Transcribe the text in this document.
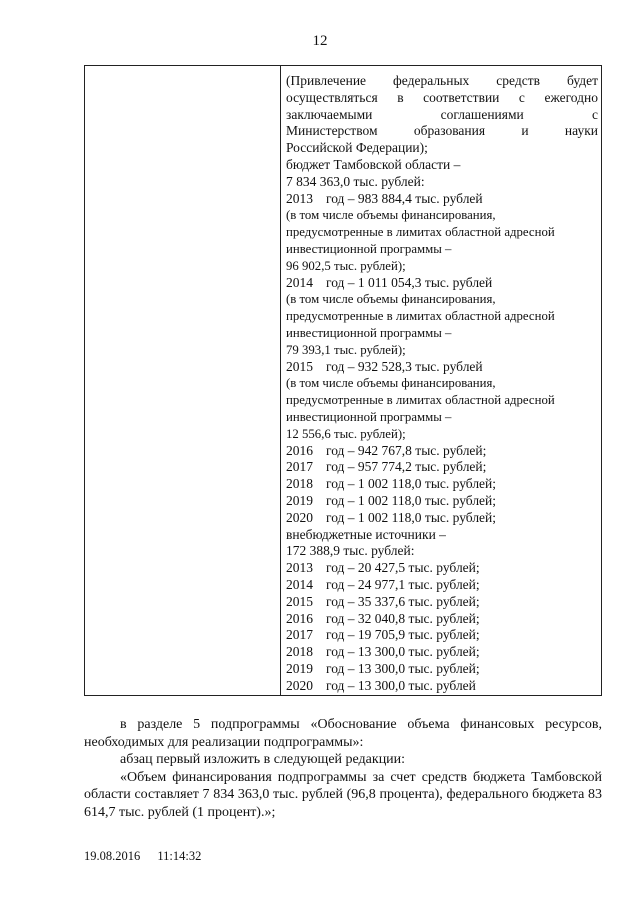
12
(Привлечение федеральных средств будет
осуществляться в соответствии с ежегодно
заключаемыми соглашениями с
Министерством образования и науки
Российской Федерации);
бюджет Тамбовской области –
7 834 363,0 тыс. рублей:
2013 год – 983 884,4 тыс. рублей
(в том числе объемы финансирования,
предусмотренные в лимитах областной адресной
инвестиционной программы –
96 902,5 тыс. рублей);
2014 год – 1 011 054,3 тыс. рублей
(в том числе объемы финансирования,
предусмотренные в лимитах областной адресной
инвестиционной программы –
79 393,1 тыс. рублей);
2015 год – 932 528,3 тыс. рублей
(в том числе объемы финансирования,
предусмотренные в лимитах областной адресной
инвестиционной программы –
12 556,6 тыс. рублей);
2016 год – 942 767,8 тыс. рублей;
2017 год – 957 774,2 тыс. рублей;
2018 год – 1 002 118,0 тыс. рублей;
2019 год – 1 002 118,0 тыс. рублей;
2020 год – 1 002 118,0 тыс. рублей;
внебюджетные источники –
172 388,9 тыс. рублей:
2013 год – 20 427,5 тыс. рублей;
2014 год – 24 977,1 тыс. рублей;
2015 год – 35 337,6 тыс. рублей;
2016 год – 32 040,8 тыс. рублей;
2017 год – 19 705,9 тыс. рублей;
2018 год – 13 300,0 тыс. рублей;
2019 год – 13 300,0 тыс. рублей;
2020 год – 13 300,0 тыс. рублей

в разделе 5 подпрограммы «Обоснование объема финансовых ресурсов, необходимых для реализации подпрограммы»:

абзац первый изложить в следующей редакции:

«Объем финансирования подпрограммы за счет средств бюджета Тамбовской области составляет 7 834 363,0 тыс. рублей (96,8 процента), федерального бюджета 83 614,7 тыс. рублей (1 процент).»;

19.08.2016 11:14:32
